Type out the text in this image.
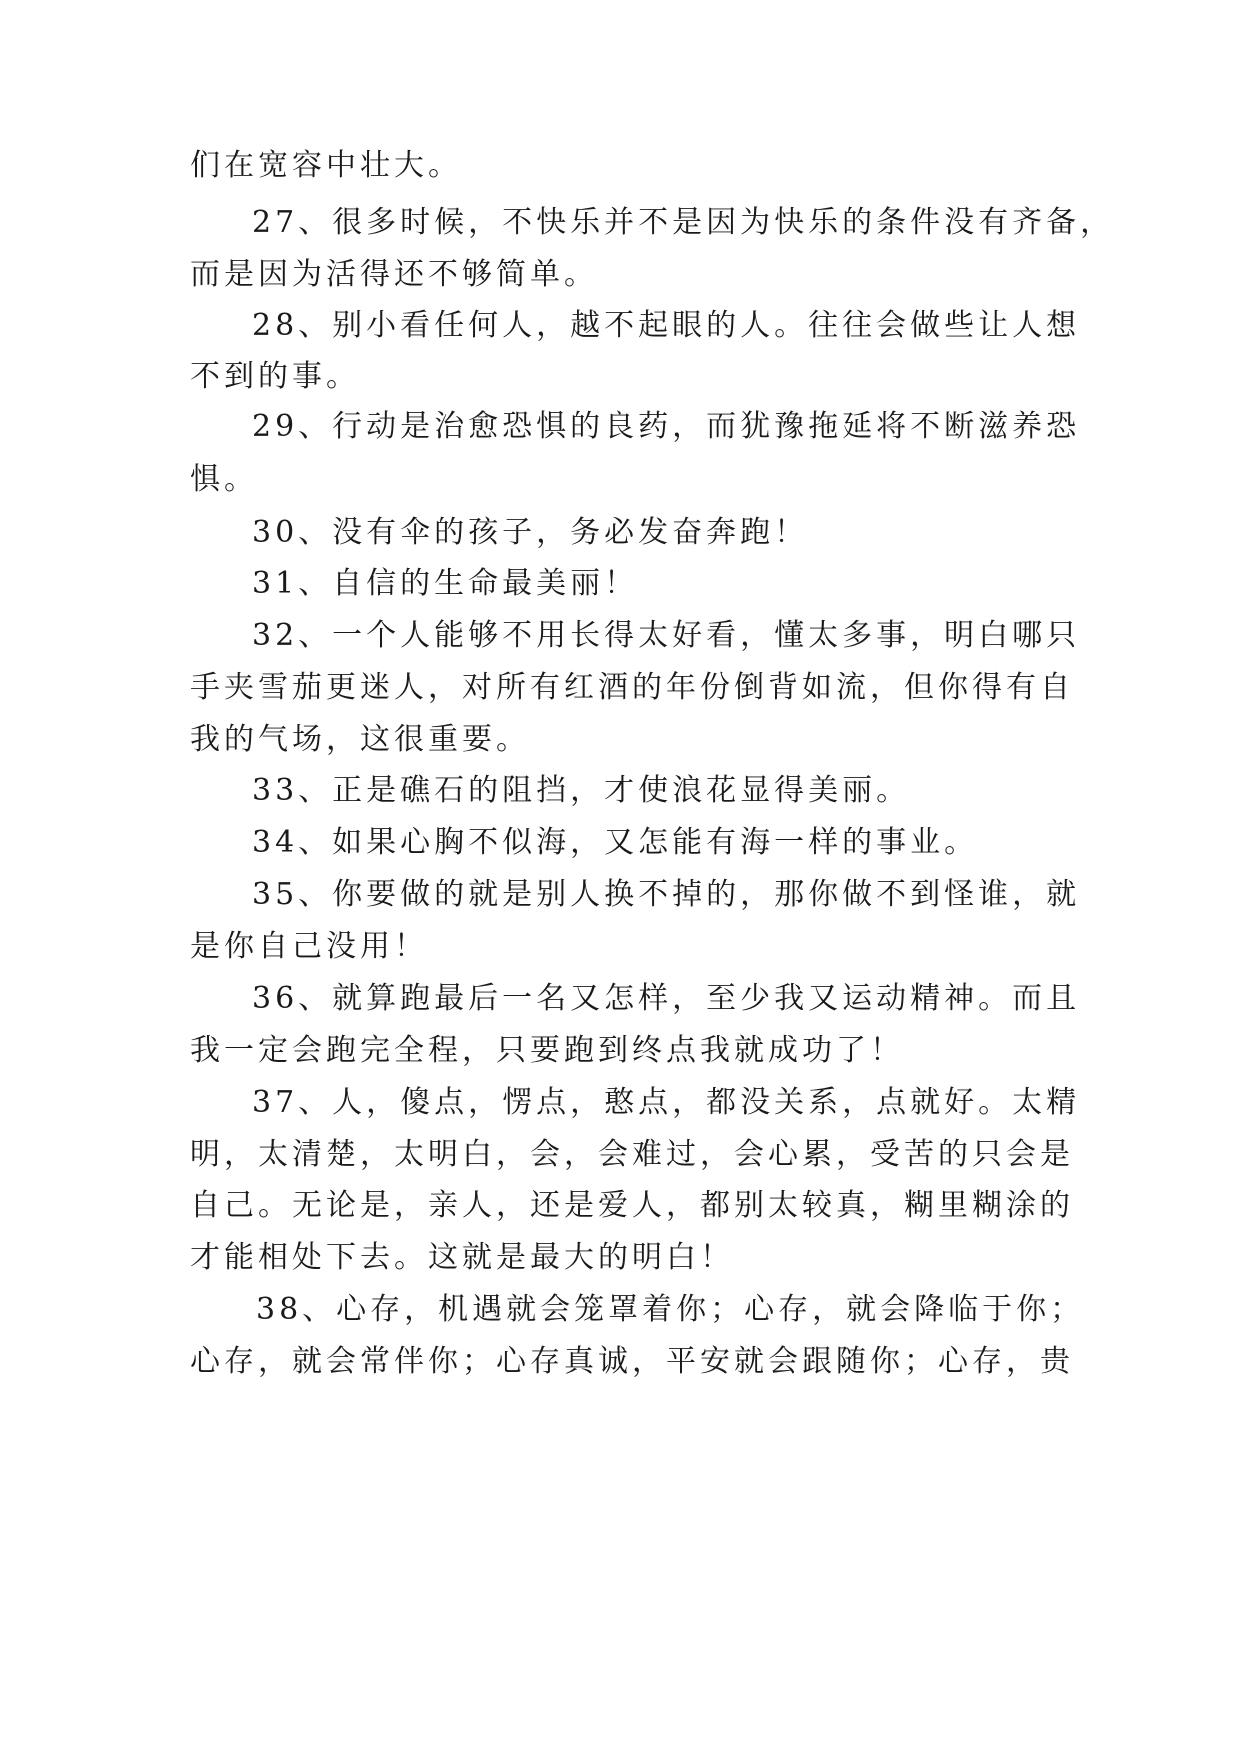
们在宽容中壮大。
27、很多时候，不快乐并不是因为快乐的条件没有齐备，
而是因为活得还不够简单。
28、别小看任何人，越不起眼的人。往往会做些让人想
不到的事。
29、行动是治愈恐惧的良药，而犹豫拖延将不断滋养恐
惧。
30、没有伞的孩子，务必发奋奔跑！
31、自信的生命最美丽！
32、一个人能够不用长得太好看，懂太多事，明白哪只
手夹雪茄更迷人，对所有红酒的年份倒背如流，但你得有自
我的气场，这很重要。
33、正是礁石的阻挡，才使浪花显得美丽。
34、如果心胸不似海，又怎能有海一样的事业。
35、你要做的就是别人换不掉的，那你做不到怪谁，就
是你自己没用！
36、就算跑最后一名又怎样，至少我又运动精神。而且
我一定会跑完全程，只要跑到终点我就成功了！
37、人，傻点，愣点，憨点，都没关系，点就好。太精
明，太清楚，太明白，会，会难过，会心累，受苦的只会是
自己。无论是，亲人，还是爱人，都别太较真，糊里糊涂的
才能相处下去。这就是最大的明白！
38、心存，机遇就会笼罩着你；心存，就会降临于你；
心存，就会常伴你；心存真诚，平安就会跟随你；心存，贵
